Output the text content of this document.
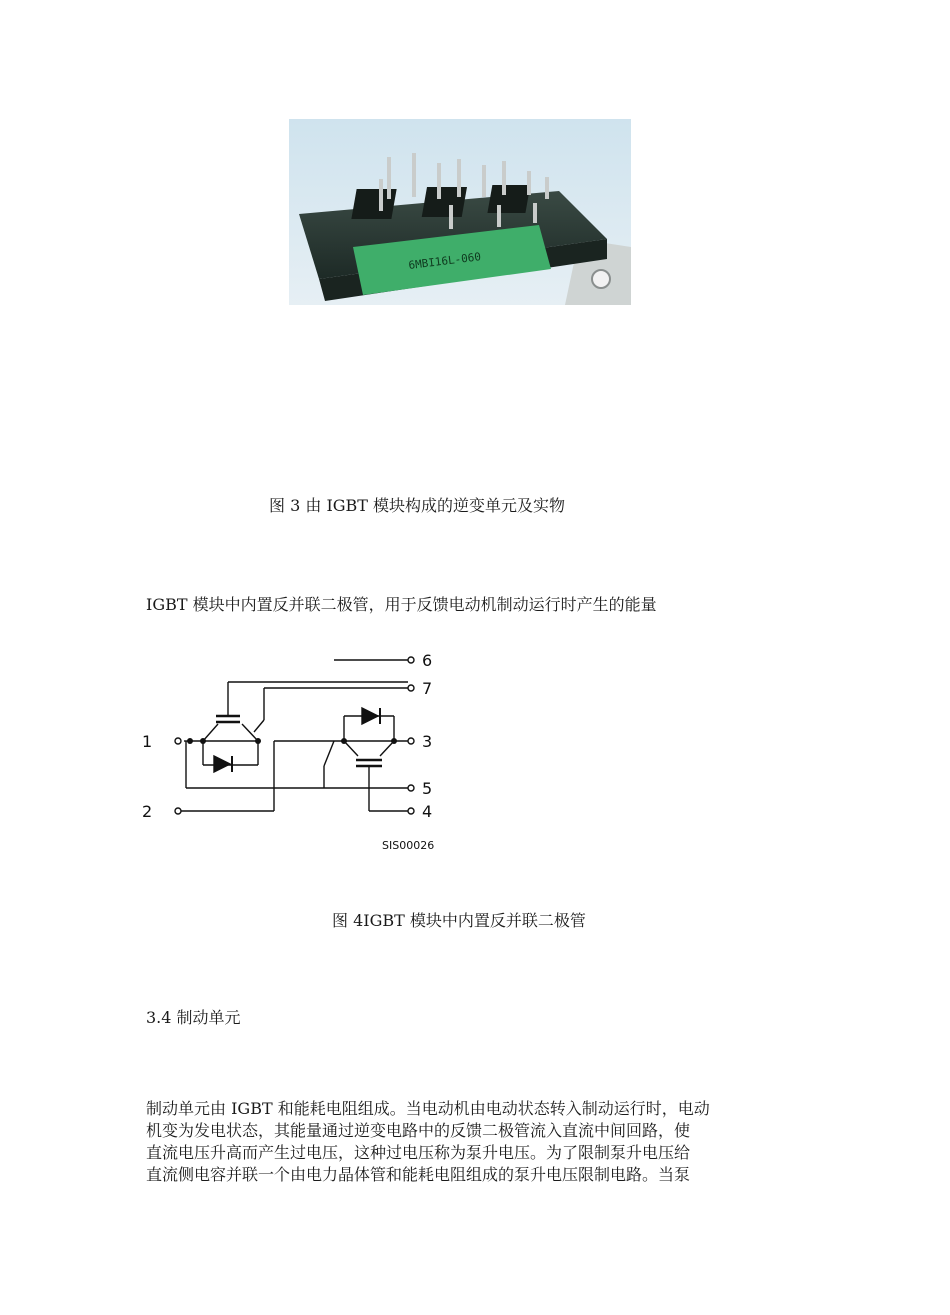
6MBI16L-060
图 3 由 IGBT 模块构成的逆变单元及实物
IGBT 模块中内置反并联二极管，用于反馈电动机制动运行时产生的能量
1
2
3
4
5
6
7
SIS00026
图 4IGBT 模块中内置反并联二极管
3.4 制动单元
制动单元由 IGBT 和能耗电阻组成。当电动机由电动状态转入制动运行时，电动
机变为发电状态，其能量通过逆变电路中的反馈二极管流入直流中间回路，使
直流电压升高而产生过电压，这种过电压称为泵升电压。为了限制泵升电压给
直流侧电容并联一个由电力晶体管和能耗电阻组成的泵升电压限制电路。当泵
